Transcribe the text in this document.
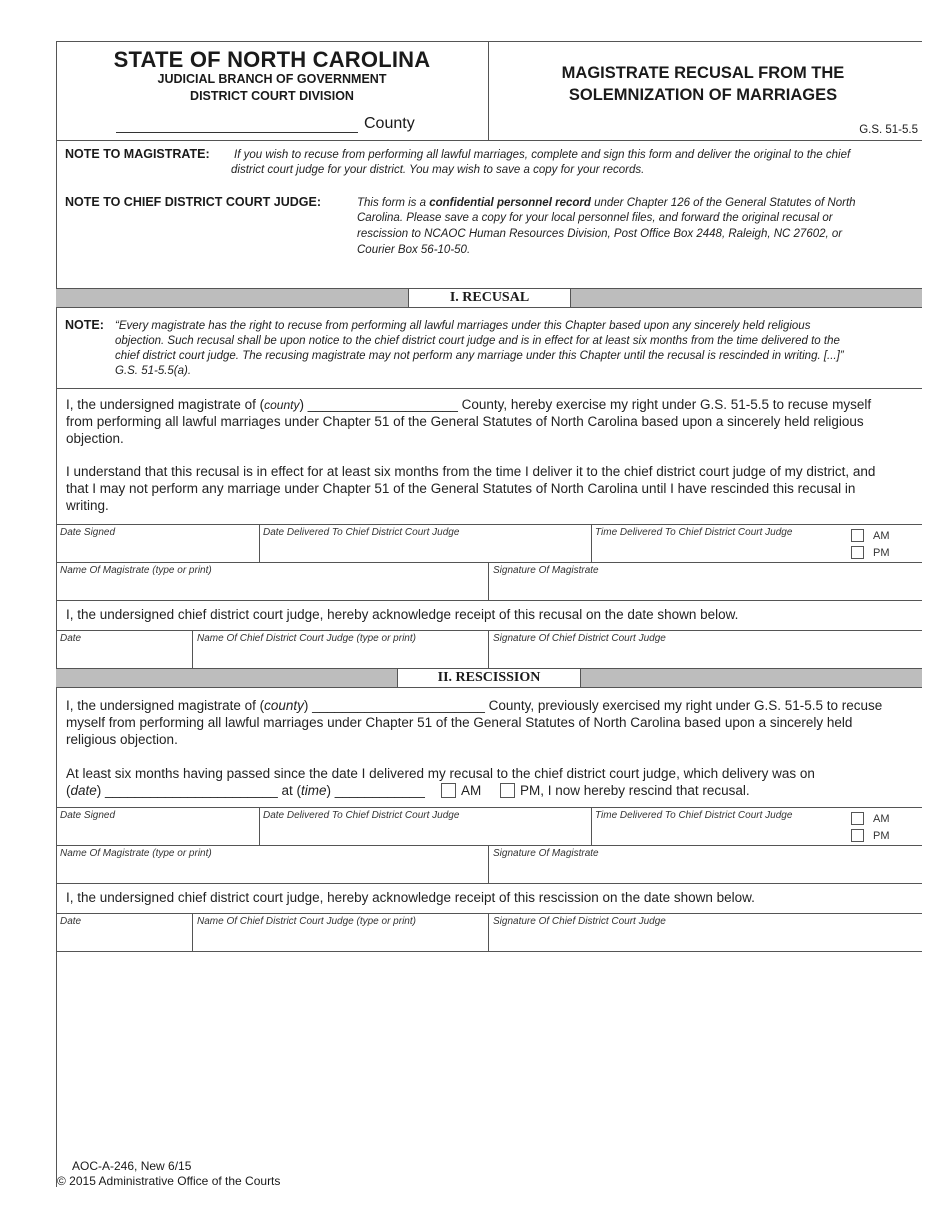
STATE OF NORTH CAROLINA
JUDICIAL BRANCH OF GOVERNMENT
DISTRICT COURT DIVISION
County
MAGISTRATE RECUSAL FROM THE
SOLEMNIZATION OF MARRIAGES
G.S. 51-5.5
NOTE TO MAGISTRATE: If you wish to recuse from performing all lawful marriages, complete and sign this form and deliver the original to the chief
district court judge for your district. You may wish to save a copy for your records.
NOTE TO CHIEF DISTRICT COURT JUDGE:	This form is a confidential personnel record under Chapter 126 of the General Statutes of North
Carolina. Please save a copy for your local personnel files, and forward the original recusal or
rescission to NCAOC Human Resources Division, Post Office Box 2448, Raleigh, NC 27602, or
Courier Box 56-10-50.
I. RECUSAL
NOTE: “Every magistrate has the right to recuse from performing all lawful marriages under this Chapter based upon any sincerely held religious
objection. Such recusal shall be upon notice to the chief district court judge and is in effect for at least six months from the time delivered to the
chief district court judge. The recusing magistrate may not perform any marriage under this Chapter until the recusal is rescinded in writing. [...]”
G.S. 51-5.5(a).
I, the undersigned magistrate of (county) ____________________ County, hereby exercise my right under G.S. 51-5.5 to recuse myself
from performing all lawful marriages under Chapter 51 of the General Statutes of North Carolina based upon a sincerely held religious
objection.
I understand that this recusal is in effect for at least six months from the time I deliver it to the chief district court judge of my district, and
that I may not perform any marriage under Chapter 51 of the General Statutes of North Carolina until I have rescinded this recusal in
writing.
Date Signed	Date Delivered To Chief District Court Judge	Time Delivered To Chief District Court Judge	AM
PM
Name Of Magistrate (type or print)	Signature Of Magistrate
I, the undersigned chief district court judge, hereby acknowledge receipt of this recusal on the date shown below.
Date	Name Of Chief District Court Judge (type or print)	Signature Of Chief District Court Judge
II. RESCISSION
I, the undersigned magistrate of (county) _______________________ County, previously exercised my right under G.S. 51-5.5 to recuse
myself from performing all lawful marriages under Chapter 51 of the General Statutes of North Carolina based upon a sincerely held
religious objection.
At least six months having passed since the date I delivered my recusal to the chief district court judge, which delivery was on
(date) _______________________ at (time) ____________	AM	PM, I now hereby rescind that recusal.
Date Signed	Date Delivered To Chief District Court Judge	Time Delivered To Chief District Court Judge	AM
PM
Name Of Magistrate (type or print)	Signature Of Magistrate
I, the undersigned chief district court judge, hereby acknowledge receipt of this rescission on the date shown below.
Date	Name Of Chief District Court Judge (type or print)	Signature Of Chief District Court Judge
AOC-A-246, New 6/15
© 2015 Administrative Office of the Courts
